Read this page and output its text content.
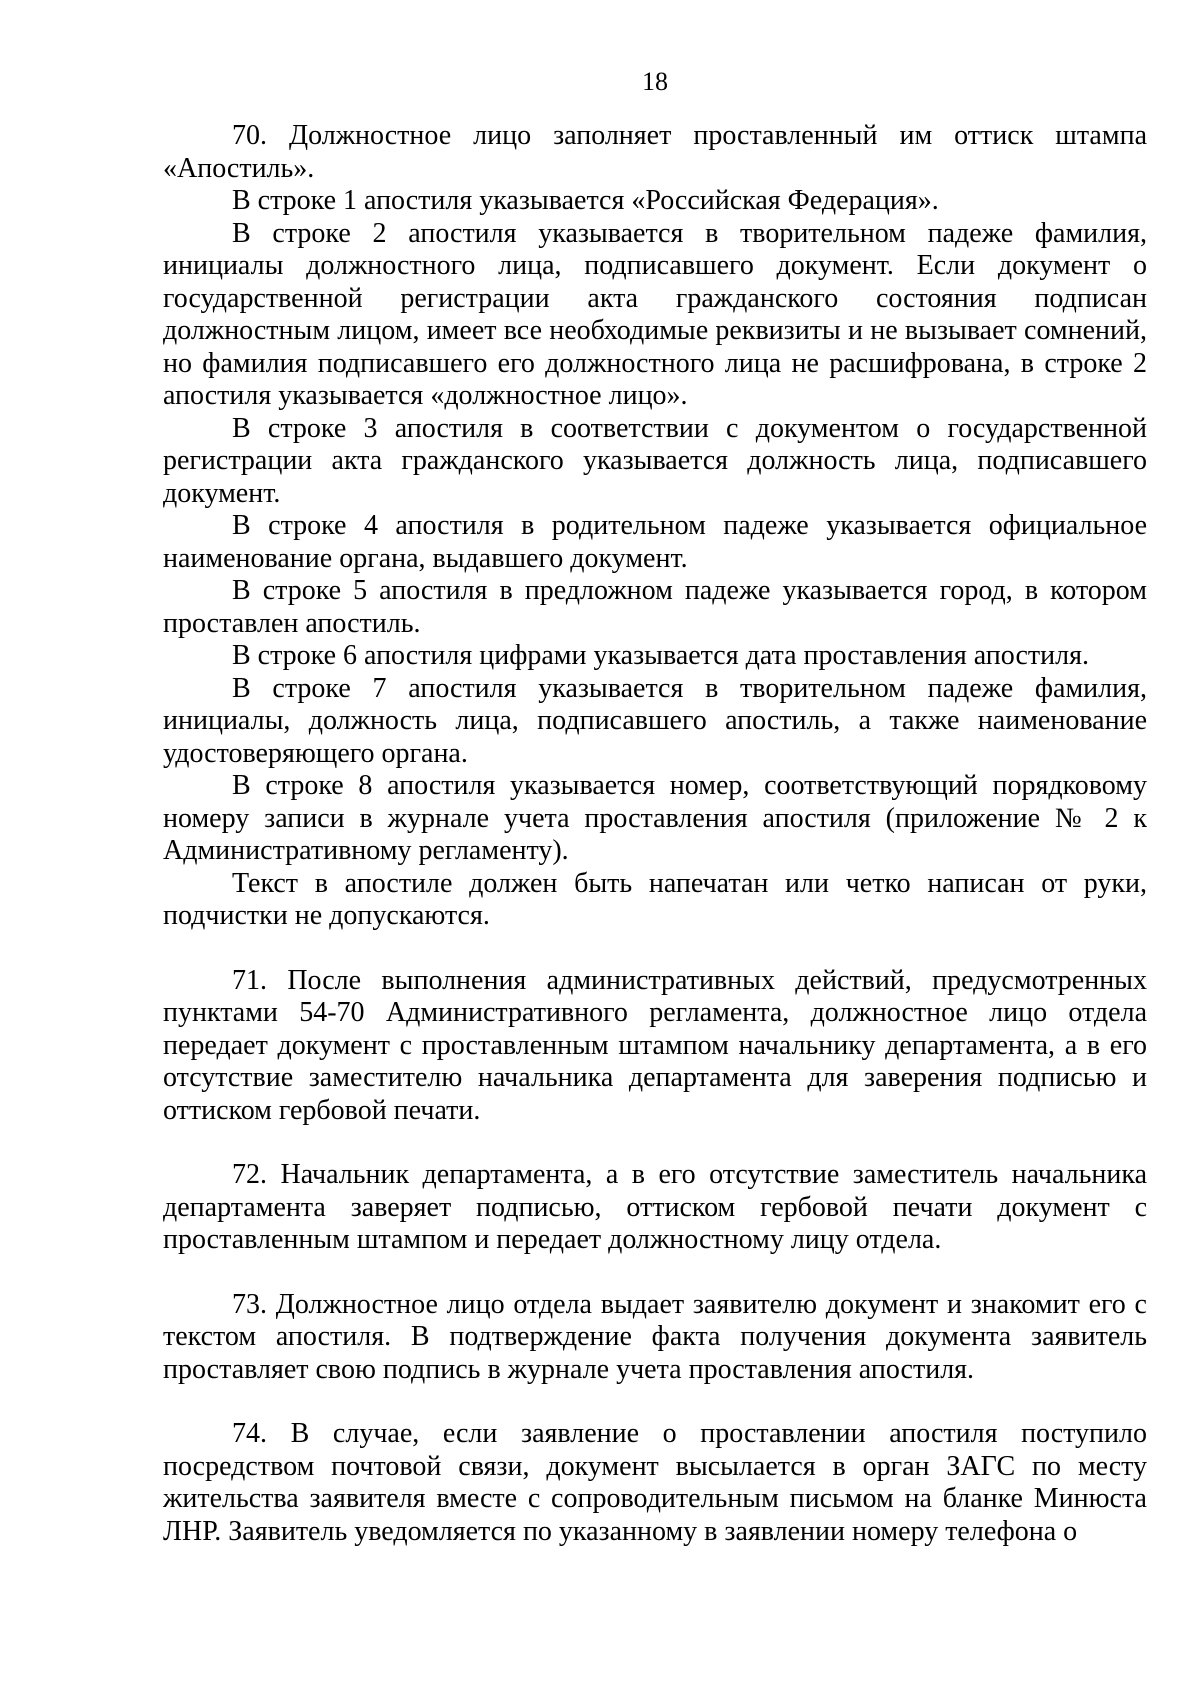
18

70. Должностное лицо заполняет проставленный им оттиск штампа «Апостиль».

В строке 1 апостиля указывается «Российская Федерация».

В строке 2 апостиля указывается в творительном падеже фамилия, инициалы должностного лица, подписавшего документ. Если документ о государственной регистрации акта гражданского состояния подписан должностным лицом, имеет все необходимые реквизиты и не вызывает сомнений, но фамилия подписавшего его должностного лица не расшифрована, в строке 2 апостиля указывается «должностное лицо».

В строке 3 апостиля в соответствии с документом о государственной регистрации акта гражданского указывается должность лица, подписавшего документ.

В строке 4 апостиля в родительном падеже указывается официальное наименование органа, выдавшего документ.

В строке 5 апостиля в предложном падеже указывается город, в котором проставлен апостиль.

В строке 6 апостиля цифрами указывается дата проставления апостиля.

В строке 7 апостиля указывается в творительном падеже фамилия, инициалы, должность лица, подписавшего апостиль, а также наименование удостоверяющего органа.

В строке 8 апостиля указывается номер, соответствующий порядковому номеру записи в журнале учета проставления апостиля (приложение № 2 к Административному регламенту).

Текст в апостиле должен быть напечатан или четко написан от руки, подчистки не допускаются.

71. После выполнения административных действий, предусмотренных пунктами 54-70 Административного регламента, должностное лицо отдела передает документ с проставленным штампом начальнику департамента, а в его отсутствие заместителю начальника департамента для заверения подписью и оттиском гербовой печати.

72. Начальник департамента, а в его отсутствие заместитель начальника департамента заверяет подписью, оттиском гербовой печати документ с проставленным штампом и передает должностному лицу отдела.

73. Должностное лицо отдела выдает заявителю документ и знакомит его с текстом апостиля. В подтверждение факта получения документа заявитель проставляет свою подпись в журнале учета проставления апостиля.

74. В случае, если заявление о проставлении апостиля поступило посредством почтовой связи, документ высылается в орган ЗАГС по месту жительства заявителя вместе с сопроводительным письмом на бланке Минюста ЛНР. Заявитель уведомляется по указанному в заявлении номеру телефона о
